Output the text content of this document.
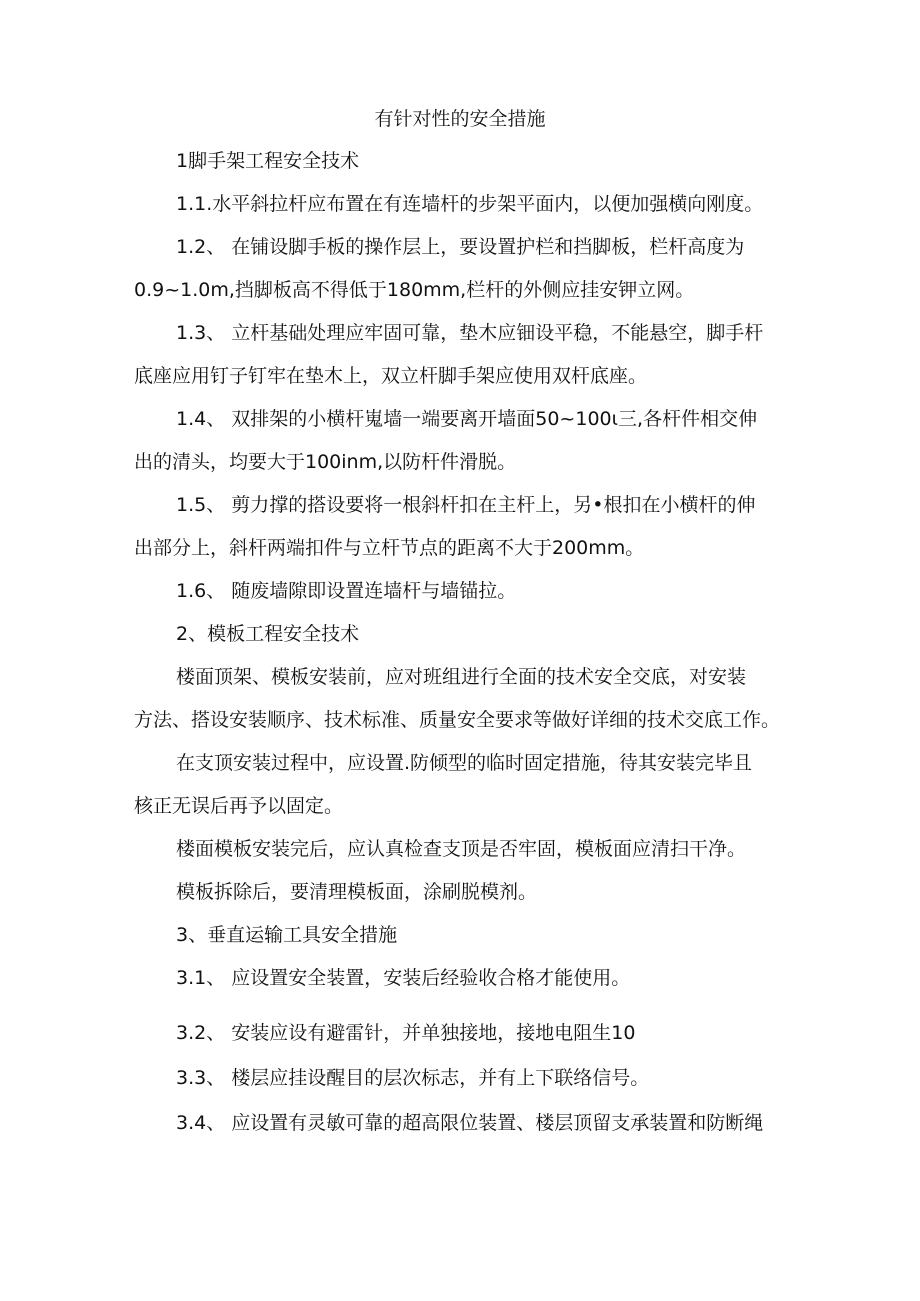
有针对性的安全措施
1脚手架工程安全技术
1.1.水平斜拉杆应布置在有连墙杆的步架平面内，以便加强横向刚度。
1.2、 在铺设脚手板的操作层上，要设置护栏和挡脚板，栏杆高度为
0.9~1.0m,挡脚板高不得低于180mm,栏杆的外侧应挂安钾立网。
1.3、 立杆基础处理应牢固可靠，垫木应钿设平稳，不能悬空，脚手杆
底座应用钉子钉牢在垫木上，双立杆脚手架应使用双杆底座。
1.4、 双排架的小横杆嵬墙一端要离开墙面50~100ι三,各杆件相交伸
出的清头，均要大于100inm,以防杆件滑脱。
1.5、 剪力撑的搭设要将一根斜杆扣在主杆上，另•根扣在小横杆的伸
出部分上，斜杆两端扣件与立杆节点的距离不大于200mm。
1.6、 随废墙隙即设置连墙杆与墙锚拉。
2、模板工程安全技术
楼面顶架、模板安装前，应对班组进行全面的技术安全交底，对安装
方法、搭设安装顺序、技术标准、质量安全要求等做好详细的技术交底工作。
在支顶安装过程中，应设置.防倾型的临时固定措施，待其安装完毕且
核正无误后再予以固定。
楼面模板安装完后，应认真检查支顶是否牢固，模板面应清扫干净。
模板拆除后，要清理模板面，涂刷脱模剂。
3、垂直运输工具安全措施
3.1、 应设置安全装置，安装后经验收合格才能使用。
3.2、 安装应设有避雷针，并单独接地，接地电阻生10
3.3、 楼层应挂设醒目的层次标志，并有上下联络信号。
3.4、 应设置有灵敏可靠的超高限位装置、楼层顶留支承装置和防断绳
